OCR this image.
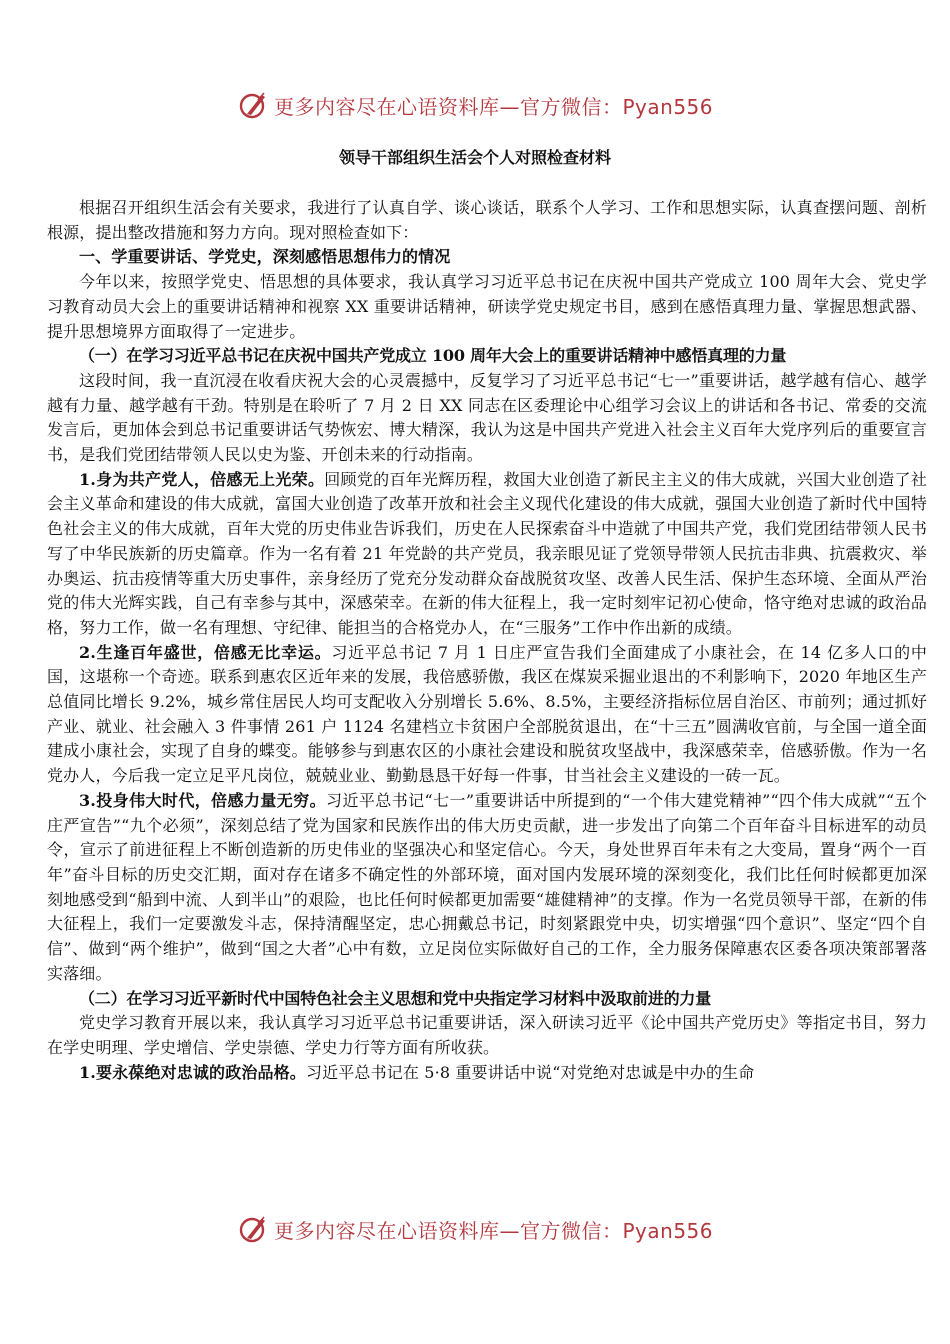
更多内容尽在心语资料库—官方微信：Pyan556
领导干部组织生活会个人对照检查材料

根据召开组织生活会有关要求，我进行了认真自学、谈心谈话，联系个人学习、工作和思想实际，认真查摆问题、剖析根源，提出整改措施和努力方向。现对照检查如下：

一、学重要讲话、学党史，深刻感悟思想伟力的情况

今年以来，按照学党史、悟思想的具体要求，我认真学习习近平总书记在庆祝中国共产党成立 100 周年大会、党史学习教育动员大会上的重要讲话精神和视察 XX 重要讲话精神，研读学党史规定书目，感到在感悟真理力量、掌握思想武器、提升思想境界方面取得了一定进步。

（一）在学习习近平总书记在庆祝中国共产党成立 100 周年大会上的重要讲话精神中感悟真理的力量

这段时间，我一直沉浸在收看庆祝大会的心灵震撼中，反复学习了习近平总书记“七一”重要讲话，越学越有信心、越学越有力量、越学越有干劲。特别是在聆听了 7 月 2 日 XX 同志在区委理论中心组学习会议上的讲话和各书记、常委的交流发言后，更加体会到总书记重要讲话气势恢宏、博大精深，我认为这是中国共产党进入社会主义百年大党序列后的重要宣言书，是我们党团结带领人民以史为鉴、开创未来的行动指南。

1.身为共产党人，倍感无上光荣。回顾党的百年光辉历程，救国大业创造了新民主主义的伟大成就，兴国大业创造了社会主义革命和建设的伟大成就，富国大业创造了改革开放和社会主义现代化建设的伟大成就，强国大业创造了新时代中国特色社会主义的伟大成就，百年大党的历史伟业告诉我们，历史在人民探索奋斗中造就了中国共产党，我们党团结带领人民书写了中华民族新的历史篇章。作为一名有着 21 年党龄的共产党员，我亲眼见证了党领导带领人民抗击非典、抗震救灾、举办奥运、抗击疫情等重大历史事件，亲身经历了党充分发动群众奋战脱贫攻坚、改善人民生活、保护生态环境、全面从严治党的伟大光辉实践，自己有幸参与其中，深感荣幸。在新的伟大征程上，我一定时刻牢记初心使命，恪守绝对忠诚的政治品格，努力工作，做一名有理想、守纪律、能担当的合格党办人，在“三服务”工作中作出新的成绩。

2.生逢百年盛世，倍感无比幸运。习近平总书记 7 月 1 日庄严宣告我们全面建成了小康社会，在 14 亿多人口的中国，这堪称一个奇迹。联系到惠农区近年来的发展，我倍感骄傲，我区在煤炭采掘业退出的不利影响下，2020 年地区生产总值同比增长 9.2%，城乡常住居民人均可支配收入分别增长 5.6%、8.5%，主要经济指标位居自治区、市前列；通过抓好产业、就业、社会融入 3 件事情 261 户 1124 名建档立卡贫困户全部脱贫退出，在“十三五”圆满收官前，与全国一道全面建成小康社会，实现了自身的蝶变。能够参与到惠农区的小康社会建设和脱贫攻坚战中，我深感荣幸，倍感骄傲。作为一名党办人，今后我一定立足平凡岗位，兢兢业业、勤勤恳恳干好每一件事，甘当社会主义建设的一砖一瓦。

3.投身伟大时代，倍感力量无穷。习近平总书记“七一”重要讲话中所提到的“一个伟大建党精神”“四个伟大成就”“五个庄严宣告”“九个必须”，深刻总结了党为国家和民族作出的伟大历史贡献，进一步发出了向第二个百年奋斗目标进军的动员令，宣示了前进征程上不断创造新的历史伟业的坚强决心和坚定信心。今天，身处世界百年未有之大变局，置身“两个一百年”奋斗目标的历史交汇期，面对存在诸多不确定性的外部环境，面对国内发展环境的深刻变化，我们比任何时候都更加深刻地感受到“船到中流、人到半山”的艰险，也比任何时候都更加需要“雄健精神”的支撑。作为一名党员领导干部，在新的伟大征程上，我们一定要激发斗志，保持清醒坚定，忠心拥戴总书记，时刻紧跟党中央，切实增强“四个意识”、坚定“四个自信”、做到“两个维护”，做到“国之大者”心中有数，立足岗位实际做好自己的工作，全力服务保障惠农区委各项决策部署落实落细。

（二）在学习习近平新时代中国特色社会主义思想和党中央指定学习材料中汲取前进的力量

党史学习教育开展以来，我认真学习习近平总书记重要讲话，深入研读习近平《论中国共产党历史》等指定书目，努力在学史明理、学史增信、学史崇德、学史力行等方面有所收获。

1.要永葆绝对忠诚的政治品格。习近平总书记在 5·8 重要讲话中说“对党绝对忠诚是中办的生命

更多内容尽在心语资料库—官方微信：Pyan556
